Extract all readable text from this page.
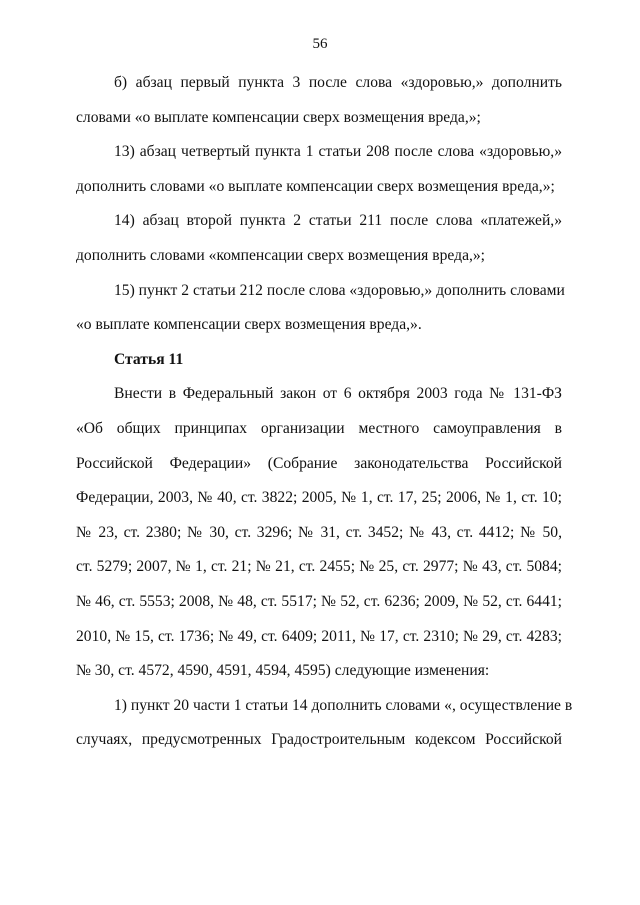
56

б) абзац первый пункта 3 после слова «здоровью,» дополнить
словами «о выплате компенсации сверх возмещения вреда,»;

13) абзац четвертый пункта 1 статьи 208 после слова «здоровью,»
дополнить словами «о выплате компенсации сверх возмещения вреда,»;

14) абзац второй пункта 2 статьи 211 после слова «платежей,»
дополнить словами «компенсации сверх возмещения вреда,»;

15) пункт 2 статьи 212 после слова «здоровью,» дополнить словами
«о выплате компенсации сверх возмещения вреда,».

Статья 11

Внести в Федеральный закон от 6 октября 2003 года № 131-ФЗ
«Об общих принципах организации местного самоуправления в
Российской Федерации» (Собрание законодательства Российской
Федерации, 2003, № 40, ст. 3822; 2005, № 1, ст. 17, 25; 2006, № 1, ст. 10;
№ 23, ст. 2380; № 30, ст. 3296; № 31, ст. 3452; № 43, ст. 4412; № 50,
ст. 5279; 2007, № 1, ст. 21; № 21, ст. 2455; № 25, ст. 2977; № 43, ст. 5084;
№ 46, ст. 5553; 2008, № 48, ст. 5517; № 52, ст. 6236; 2009, № 52, ст. 6441;
2010, № 15, ст. 1736; № 49, ст. 6409; 2011, № 17, ст. 2310; № 29, ст. 4283;
№ 30, ст. 4572, 4590, 4591, 4594, 4595) следующие изменения:

1) пункт 20 части 1 статьи 14 дополнить словами «, осуществление в
случаях, предусмотренных Градостроительным кодексом Российской
